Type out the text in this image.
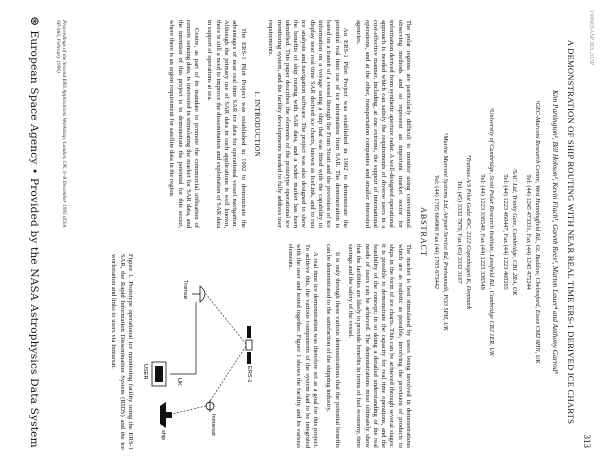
1996ESASP.383..313P
313
A DEMONSTRATION OF SHIP ROUTING WITH NEAR REAL TIME ERS-1 DERIVED ICE CHARTS
Kim Partington¹, Bill Hobson², Kevin Flach¹, Gareth Rees³, Marten Lauer⁴ and Anthony Garrod⁵
¹GEC-Marconi Research Centre, West Hanningfield Rd., Gt. Baddow, Chelmsford, Essex CM2 8HN, UK
Tel: (44) 1245 473331, Fax (44) 1245 475244
²SAC Ltd, Trinity Gate, Cambridge, CB1 2RA, UK
Tel: (44) 1223 460447, Fax (44) 1223 460265
³University of Cambridge, Scott Polar Research Institute, Lensfield Rd., Cambridge CB2 1ER, UK
Tel: (44) 1223 336540, Fax (44) 1223 336549
⁴Transas A/S Pilot Gade 45C, 2112 Copenhagen K, Denmark
Tel: (45) 3332 7979, Fax (45) 3332 3167
⁵Marine Marconi Systems Ltd, Airport Service Rd, Portsmouth, PO3 5PH, UK
Tel: (44) 1705 664966 Fax (44) 1705 673442
ABSTRACT

The polar regions are particularly difficult to monitor using conventional observing methods and so represent an important market sector for information derived from synthetic aperture radar. A well-designed operational approach is needed which can satisfy the requirements of diverse users in a cost-effective manner, including, at one extreme, the support of international operations, and at the other, transportation companies and smaller interested agencies.

An ERS-1 Pilot Project was established in 1992 to demonstrate the potential real time use of ice information from SAR. The demonstration is based on a transit of a vessel through the Fram Strait and the provision of ice information on a voyage using a ship that was fitted with the capability to display near real time SAR derived ice charts, known as IceLink, and to run ice analysis and navigation software. The project was also designed to show the benefits of ship routing with SAR data, and a wider market has been identified. This paper describes the elements of the prototype operational ice monitoring system, and the facility developments needed to fully address user requirements.

1. INTRODUCTION

The ERS-1 Pilot Project was established in 1992 to demonstrate the advantages of near real time SAR ice data for operational vessel navigation. Although the primary use of SAR data in such applications is well known, there is still a need to improve the dissemination and exploitation of SAR data in support of operations at sea.

Centre, as part of its mandate to promote the commercial utilisation of remote sensing data, is interested in stimulating the market for SAR data, and the intention of this project is to demonstrate the potential for this sector, where there is an urgent requirement for satellite data in the region.

The market is best stimulated by users being involved in demonstrations which are as realistic as possible, involving the provision of products to ships in the form of ice charts. This can be achieved through several stages: it is possible to demonstrate the capacity for real time operations, and the feasibility of the concept; in so doing a detailed understanding of the real needs of users can be achieved. The demonstrations must ultimately show that the facilities are likely to provide benefits in terms of fuel economy, time savings and the safety of the vessel.

It is only through these various demonstrations that the potential benefits can be demonstrated to the satisfaction of the shipping industry.

A real time ice demonstration was therefore set as a goal for this project. To achieve this, the various components of the system had to be integrated with the user and tested together. Figure 1 shows the facility and its various elements.

ERS-1
Tromsø
UK
Inmarsat
ship
USER

Figure 1. Prototype operational ice monitoring facility using the ERS-1 SAR, the Rapid Information Dissemination System (RIDS) and the ice workstation and links to users via Inmarsat.

Proceedings of the Second ERS Applications Workshop, London, UK, 6–8 December 1995 (ESA SP-383, February 1996)
⊛European Space Agency • Provided by the NASA Astrophysics Data System
